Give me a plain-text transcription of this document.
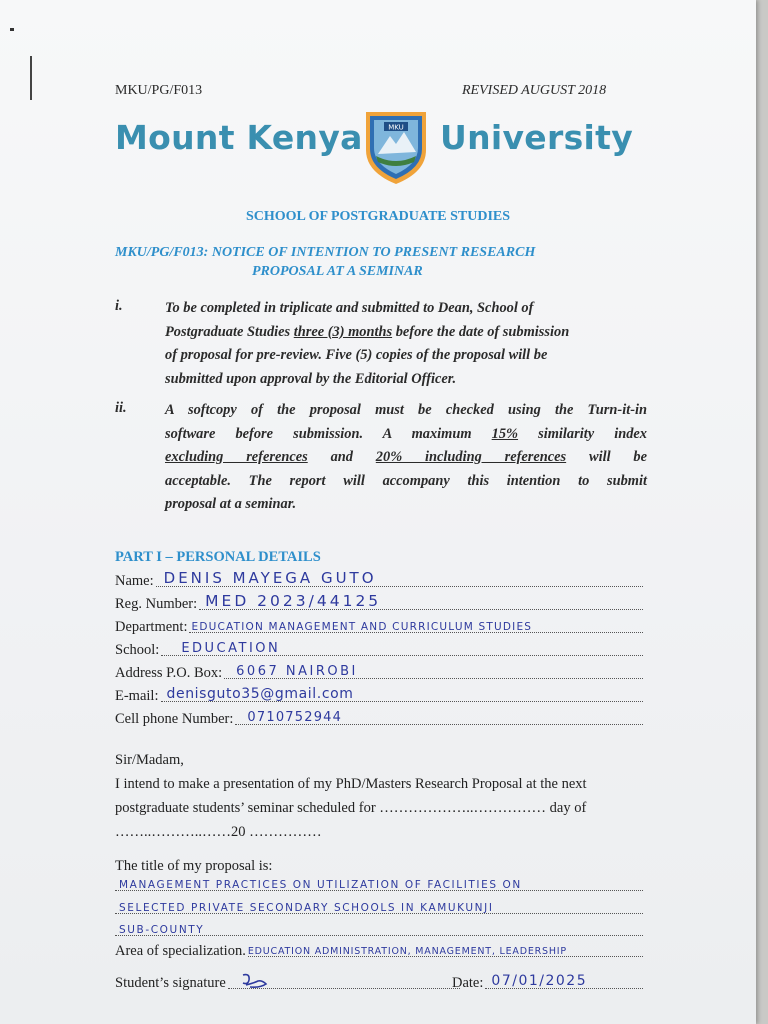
MKU/PG/F013	REVISED AUGUST 2018
Mount Kenya	MKU University
SCHOOL OF POSTGRADUATE STUDIES
MKU/PG/F013: NOTICE OF INTENTION TO PRESENT RESEARCH
PROPOSAL AT A SEMINAR
i.	To be completed in triplicate and submitted to Dean, School of
Postgraduate Studies three (3) months before the date of submission
of proposal for pre-review. Five (5) copies of the proposal will be
submitted upon approval by the Editorial Officer.
ii.	A softcopy of the proposal must be checked using the Turn-it-in
software before submission. A maximum 15% similarity index
excluding references and 20% including references will be
acceptable. The report will accompany this intention to submit
proposal at a seminar.
PART I – PERSONAL DETAILS
Name: DENIS MAYEGA GUTO
Reg. Number: MED 2023/44125
Department: EDUCATION MANAGEMENT AND CURRICULUM STUDIES
School: EDUCATION
Address P.O. Box: 6067 NAIROBI
E-mail: denisguto35@gmail.com
Cell phone Number: 0710752944
Sir/Madam,
I intend to make a presentation of my PhD/Masters Research Proposal at the next
postgraduate students’ seminar scheduled for ………………..…………… day of
……..………..……20 ……………
The title of my proposal is:
MANAGEMENT PRACTICES ON UTILIZATION OF FACILITIES ON
SELECTED PRIVATE SECONDARY SCHOOLS IN KAMUKUNJI
SUB-COUNTY
Area of specialization. EDUCATION ADMINISTRATION, MANAGEMENT, LEADERSHIP
Student’s signature	Date: 07/01/2025
